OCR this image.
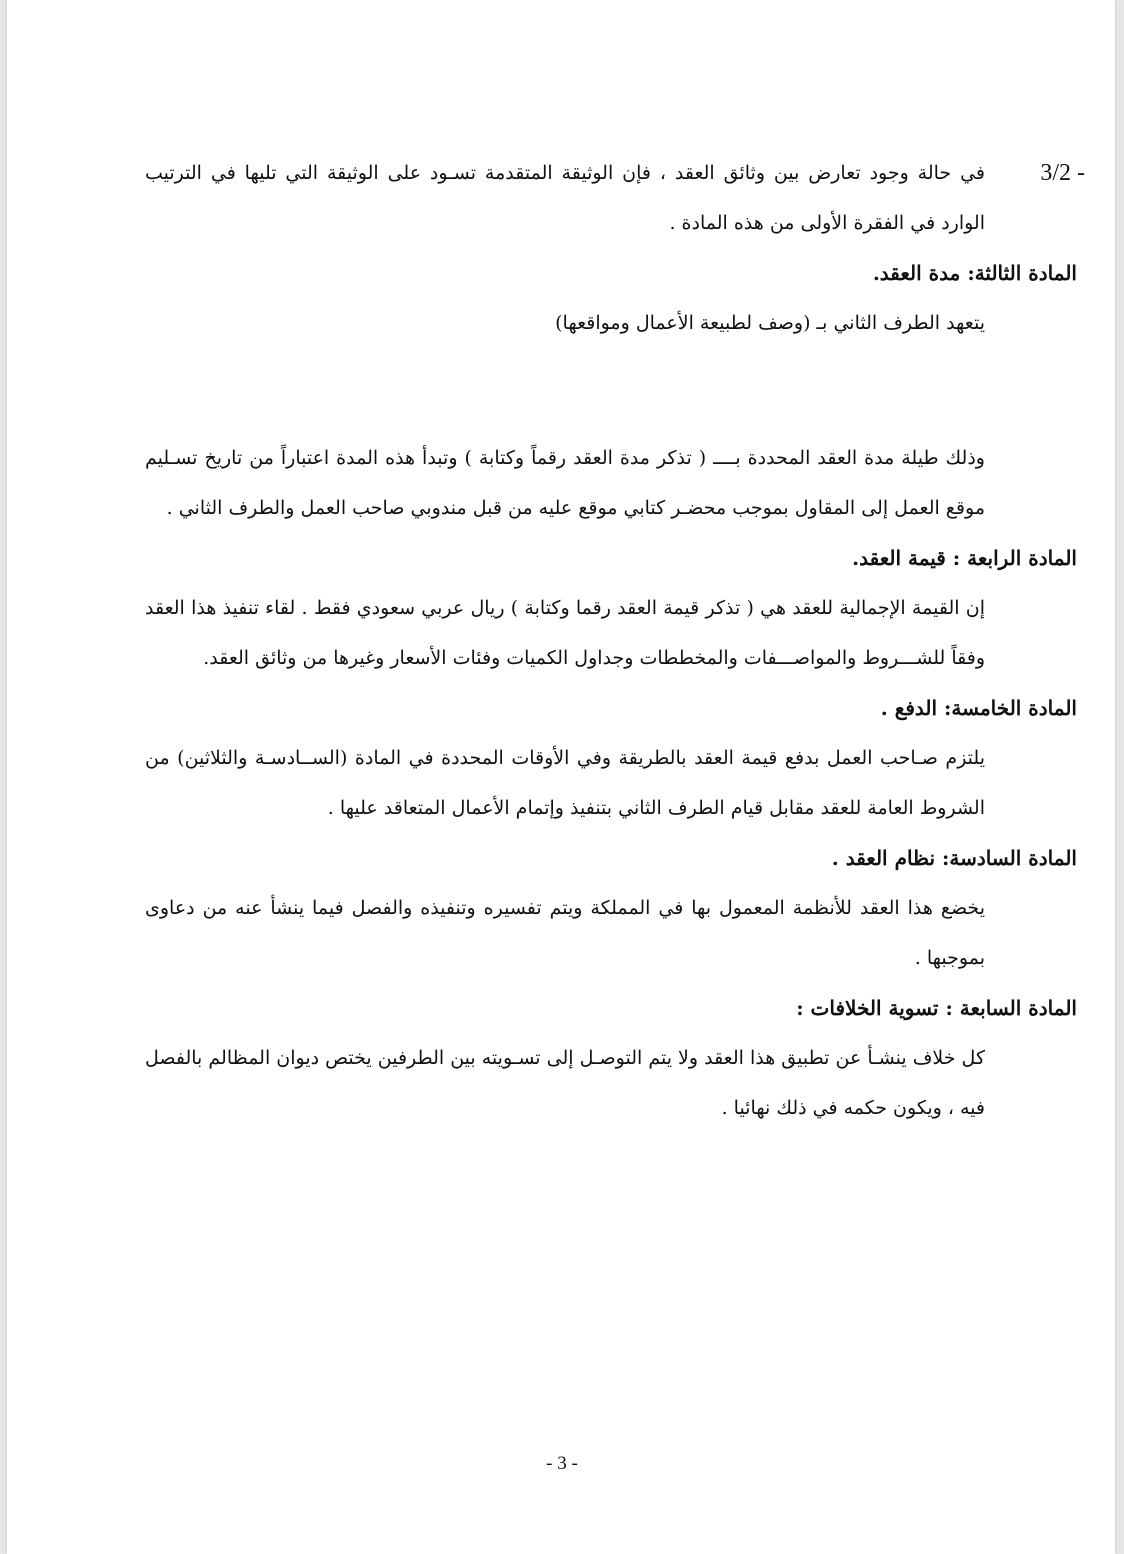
3/2 -
في حالة وجود تعارض بين وثائق العقد ، فإن الوثيقة المتقدمة تسـود على الوثيقة التي تليها في الترتيب الوارد في الفقرة الأولى من هذه المادة .
المادة الثالثة: مدة العقد.

يتعهد الطرف الثاني بـ (وصف لطبيعة الأعمال ومواقعها)

وذلك طيلة مدة العقد المحددة بــــ ( تذكر مدة العقد رقماً وكتابة ) وتبدأ هذه المدة اعتباراً من تاريخ تسـليم موقع العمل إلى المقاول بموجب محضـر كتابي موقع عليه من قبل مندوبي صاحب العمل والطرف الثاني .

المادة الرابعة : قيمة العقد.

إن القيمة الإجمالية للعقد هي ( تذكر قيمة العقد رقما وكتابة ) ريال عربي سعودي فقط . لقاء تنفيذ هذا العقد وفقاً للشـــروط والمواصـــفات والمخططات وجداول الكميات وفئات الأسعار وغيرها من وثائق العقد.

المادة الخامسة: الدفع .

يلتزم صـاحب العمل بدفع قيمة العقد بالطريقة وفي الأوقات المحددة في المادة (الســادسـة والثلاثين) من الشروط العامة للعقد مقابل قيام الطرف الثاني بتنفيذ وإتمام الأعمال المتعاقد عليها .

المادة السادسة: نظام العقد .

يخضع هذا العقد للأنظمة المعمول بها في المملكة ويتم تفسيره وتنفيذه والفصل فيما ينشأ عنه من دعاوى بموجبها .

المادة السابعة : تسوية الخلافات :

كل خلاف ينشـأ عن تطبيق هذا العقد ولا يتم التوصـل إلى تسـويته بين الطرفين يختص ديوان المظالم بالفصل فيه ، ويكون حكمه في ذلك نهائيا .

- 3 -
